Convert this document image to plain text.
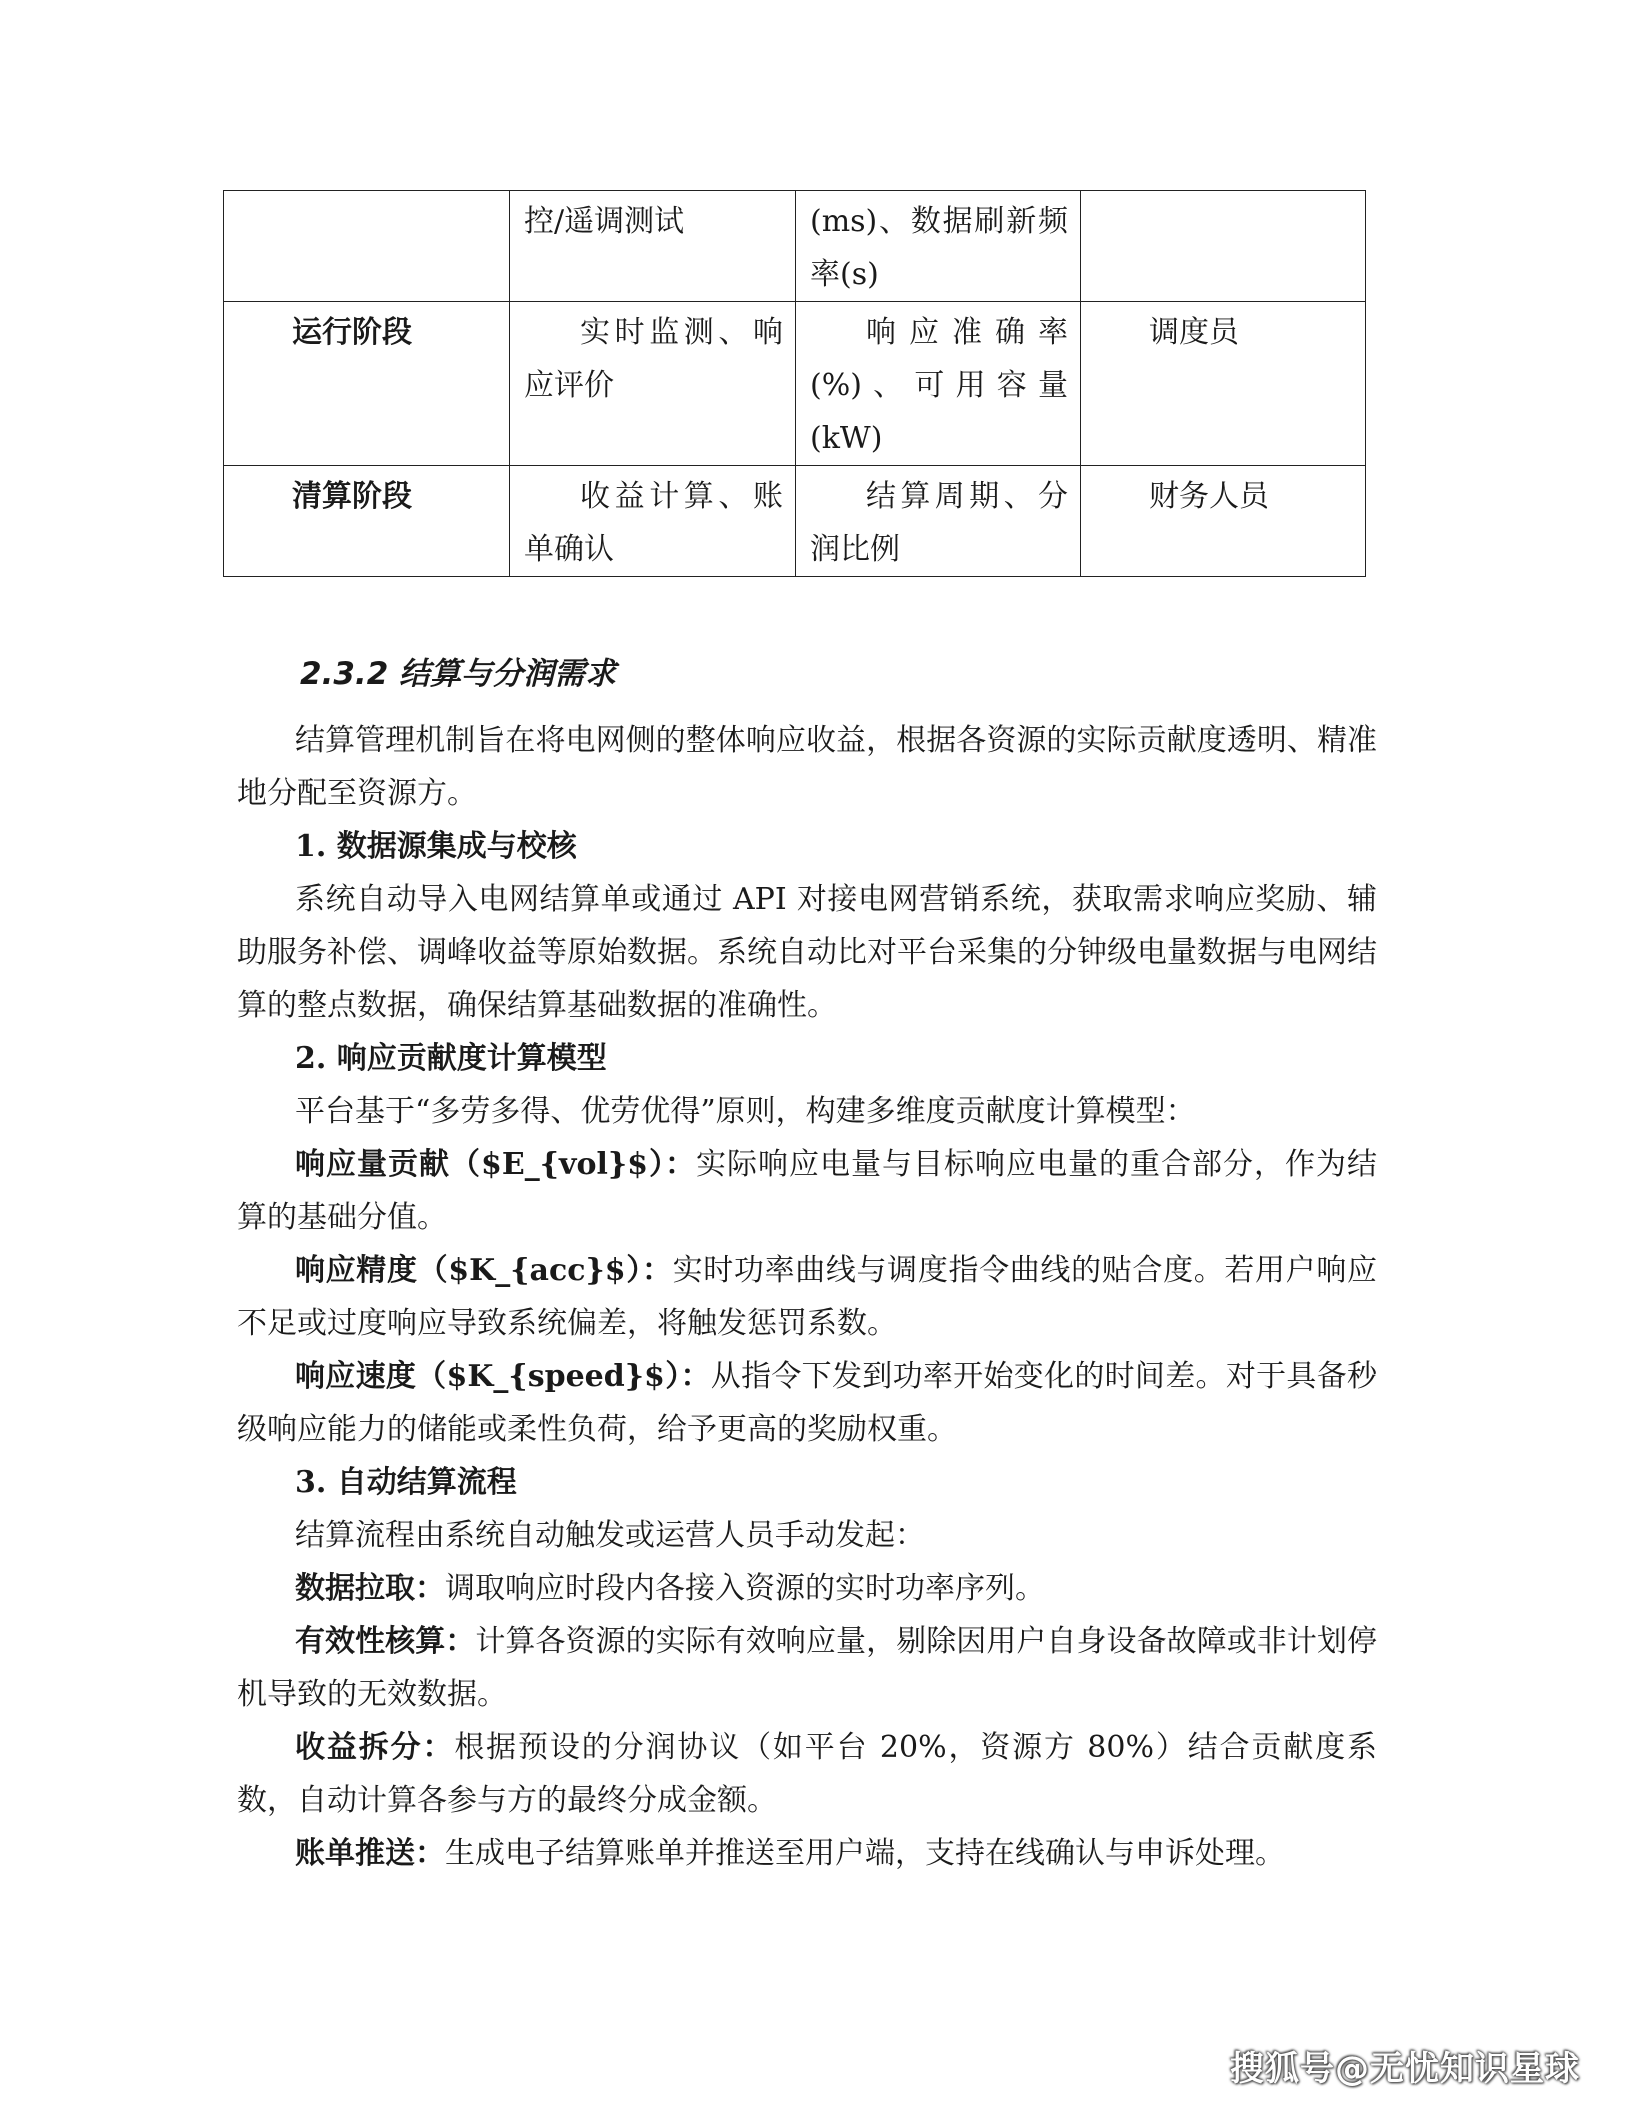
	控/遥调测试	(ms)、数据刷新频率(s)	
运行阶段	实时监测、响应评价	响应准确率(%)、可用容量(kW)	调度员
清算阶段	收益计算、账单确认	结算周期、分润比例	财务人员
2.3.2 结算与分润需求

结算管理机制旨在将电网侧的整体响应收益，根据各资源的实际贡献度透明、精准地分配至资源方。

1. 数据源集成与校核

系统自动导入电网结算单或通过 API 对接电网营销系统，获取需求响应奖励、辅助服务补偿、调峰收益等原始数据。系统自动比对平台采集的分钟级电量数据与电网结算的整点数据，确保结算基础数据的准确性。

2. 响应贡献度计算模型

平台基于“多劳多得、优劳优得”原则，构建多维度贡献度计算模型：

响应量贡献（$E_{vol}$）：实际响应电量与目标响应电量的重合部分，作为结算的基础分值。

响应精度（$K_{acc}$）：实时功率曲线与调度指令曲线的贴合度。若用户响应不足或过度响应导致系统偏差，将触发惩罚系数。

响应速度（$K_{speed}$）：从指令下发到功率开始变化的时间差。对于具备秒级响应能力的储能或柔性负荷，给予更高的奖励权重。

3. 自动结算流程

结算流程由系统自动触发或运营人员手动发起：

数据拉取：调取响应时段内各接入资源的实时功率序列。

有效性核算：计算各资源的实际有效响应量，剔除因用户自身设备故障或非计划停机导致的无效数据。

收益拆分：根据预设的分润协议（如平台 20%，资源方 80%）结合贡献度系数，自动计算各参与方的最终分成金额。

账单推送：生成电子结算账单并推送至用户端，支持在线确认与申诉处理。

搜狐号@无忧知识星球
